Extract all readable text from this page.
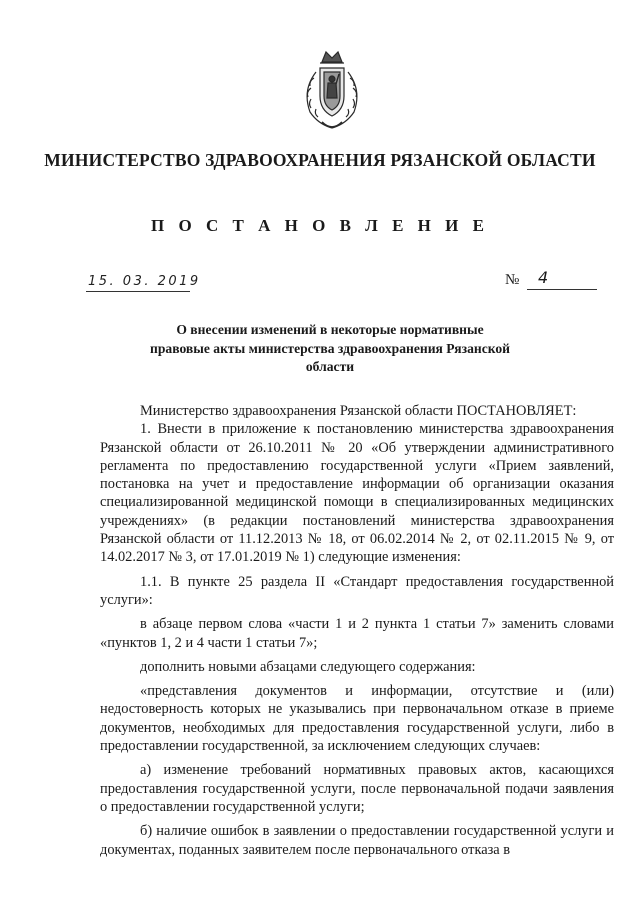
МИНИСТЕРСТВО ЗДРАВООХРАНЕНИЯ РЯЗАНСКОЙ ОБЛАСТИ
П О С Т А Н О В Л Е Н И Е
15. 03. 2019	№ 4
О внесении изменений в некоторые нормативные правовые акты министерства здравоохранения Рязанской области

Министерство здравоохранения Рязанской области ПОСТАНОВЛЯЕТ:

1. Внести в приложение к постановлению министерства здравоохранения Рязанской области от 26.10.2011 № 20 «Об утверждении административного регламента по предоставлению государственной услуги «Прием заявлений, постановка на учет и предоставление информации об организации оказания специализированной медицинской помощи в специализированных медицинских учреждениях» (в редакции постановлений министерства здравоохранения Рязанской области от 11.12.2013 № 18, от 06.02.2014 № 2, от 02.11.2015 № 9, от 14.02.2017 № 3, от 17.01.2019 № 1) следующие изменения:

1.1. В пункте 25 раздела II «Стандарт предоставления государственной услуги»:

в абзаце первом слова «части 1 и 2 пункта 1 статьи 7» заменить словами «пунктов 1, 2 и 4 части 1 статьи 7»;

дополнить новыми абзацами следующего содержания:

«представления документов и информации, отсутствие и (или) недостоверность которых не указывались при первоначальном отказе в приеме документов, необходимых для предоставления государственной услуги, либо в предоставлении государственной, за исключением следующих случаев:

а) изменение требований нормативных правовых актов, касающихся предоставления государственной услуги, после первоначальной подачи заявления о предоставлении государственной услуги;

б) наличие ошибок в заявлении о предоставлении государственной услуги и документах, поданных заявителем после первоначального отказа в
